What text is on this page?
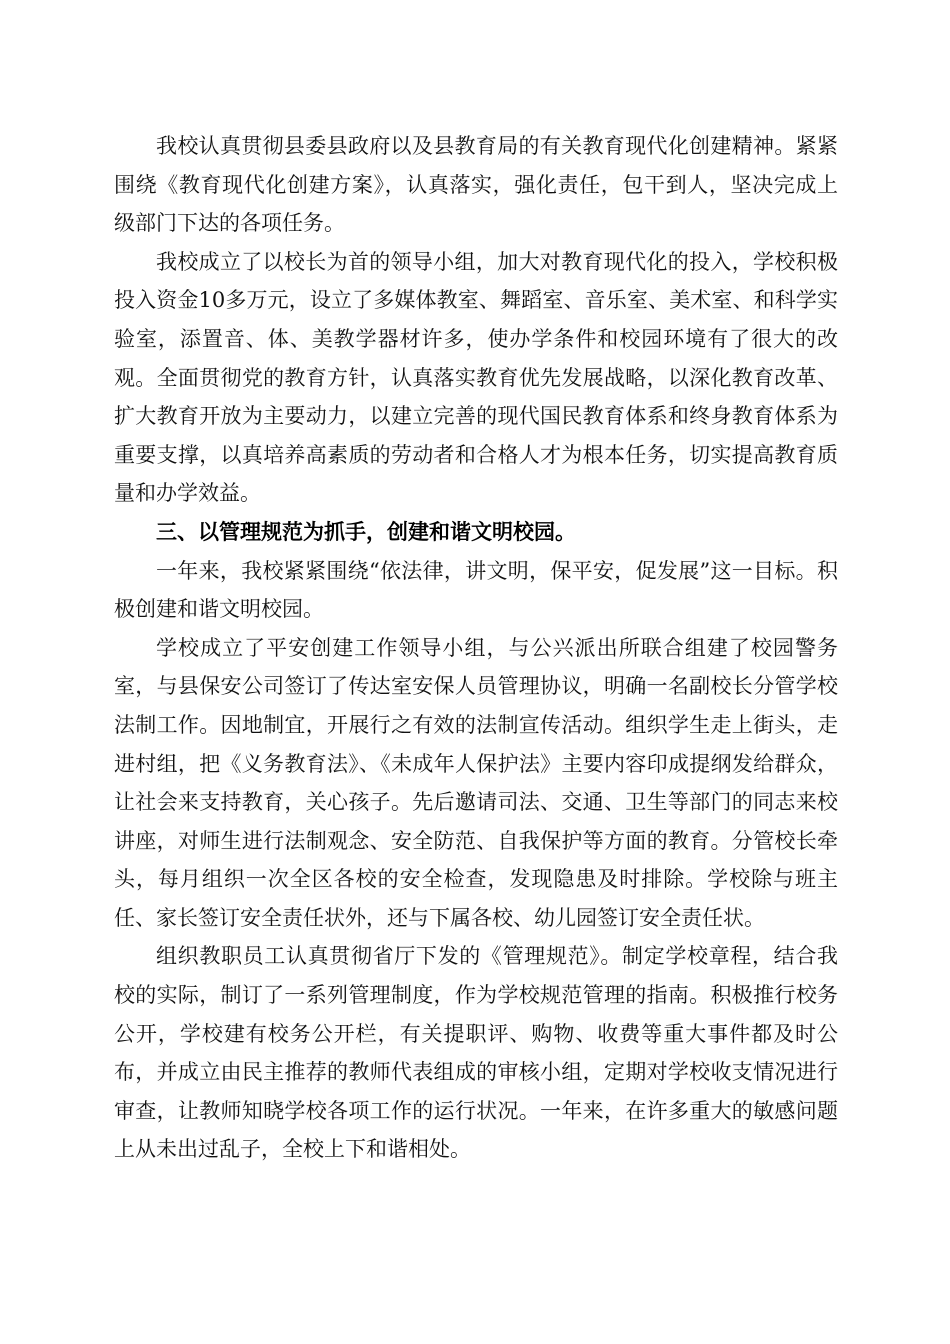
我校认真贯彻县委县政府以及县教育局的有关教育现代化创建精神。紧紧围绕《教育现代化创建方案》，认真落实，强化责任，包干到人，坚决完成上级部门下达的各项任务。

我校成立了以校长为首的领导小组，加大对教育现代化的投入，学校积极投入资金10多万元，设立了多媒体教室、舞蹈室、音乐室、美术室、和科学实验室，添置音、体、美教学器材许多，使办学条件和校园环境有了很大的改观。全面贯彻党的教育方针，认真落实教育优先发展战略，以深化教育改革、扩大教育开放为主要动力，以建立完善的现代国民教育体系和终身教育体系为重要支撑，以真培养高素质的劳动者和合格人才为根本任务，切实提高教育质量和办学效益。

三、以管理规范为抓手，创建和谐文明校园。

一年来，我校紧紧围绕“依法律，讲文明，保平安，促发展”这一目标。积极创建和谐文明校园。

学校成立了平安创建工作领导小组，与公兴派出所联合组建了校园警务室，与县保安公司签订了传达室安保人员管理协议，明确一名副校长分管学校法制工作。因地制宜，开展行之有效的法制宣传活动。组织学生走上街头，走进村组，把《义务教育法》、《未成年人保护法》主要内容印成提纲发给群众，让社会来支持教育，关心孩子。先后邀请司法、交通、卫生等部门的同志来校讲座，对师生进行法制观念、安全防范、自我保护等方面的教育。分管校长牵头，每月组织一次全区各校的安全检查，发现隐患及时排除。学校除与班主任、家长签订安全责任状外，还与下属各校、幼儿园签订安全责任状。

组织教职员工认真贯彻省厅下发的《管理规范》。制定学校章程，结合我校的实际，制订了一系列管理制度，作为学校规范管理的指南。积极推行校务公开，学校建有校务公开栏，有关提职评、购物、收费等重大事件都及时公布，并成立由民主推荐的教师代表组成的审核小组，定期对学校收支情况进行审查，让教师知晓学校各项工作的运行状况。一年来，在许多重大的敏感问题上从未出过乱子，全校上下和谐相处。
